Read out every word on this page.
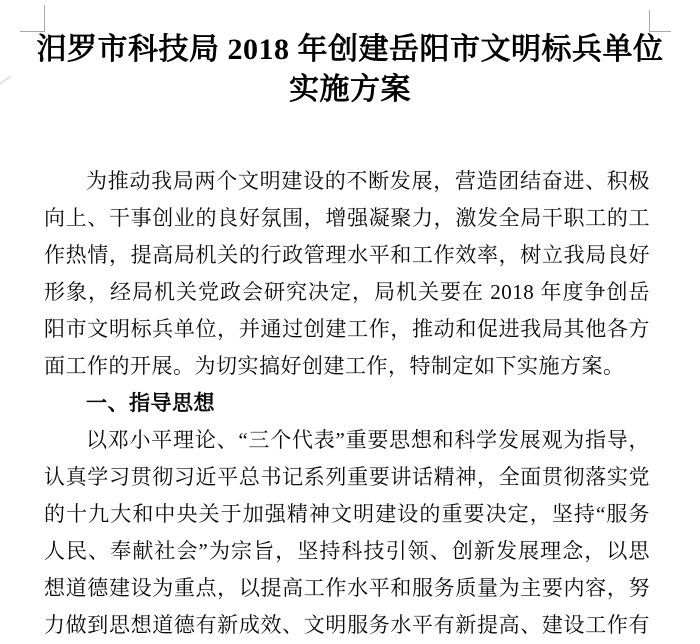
汨罗市科技局 2018 年创建岳阳市文明标兵单位
实施方案
为推动我局两个文明建设的不断发展，营造团结奋进、积极
向上、干事创业的良好氛围，增强凝聚力，激发全局干职工的工
作热情，提高局机关的行政管理水平和工作效率，树立我局良好
形象，经局机关党政会研究决定，局机关要在 2018 年度争创岳
阳市文明标兵单位，并通过创建工作，推动和促进我局其他各方
面工作的开展。为切实搞好创建工作，特制定如下实施方案。
一、指导思想
以邓小平理论、“三个代表”重要思想和科学发展观为指导，
认真学习贯彻习近平总书记系列重要讲话精神，全面贯彻落实党
的十九大和中央关于加强精神文明建设的重要决定，坚持“服务
人民、奉献社会”为宗旨，坚持科技引领、创新发展理念，以思
想道德建设为重点，以提高工作水平和服务质量为主要内容，努
力做到思想道德有新成效、文明服务水平有新提高、建设工作有
